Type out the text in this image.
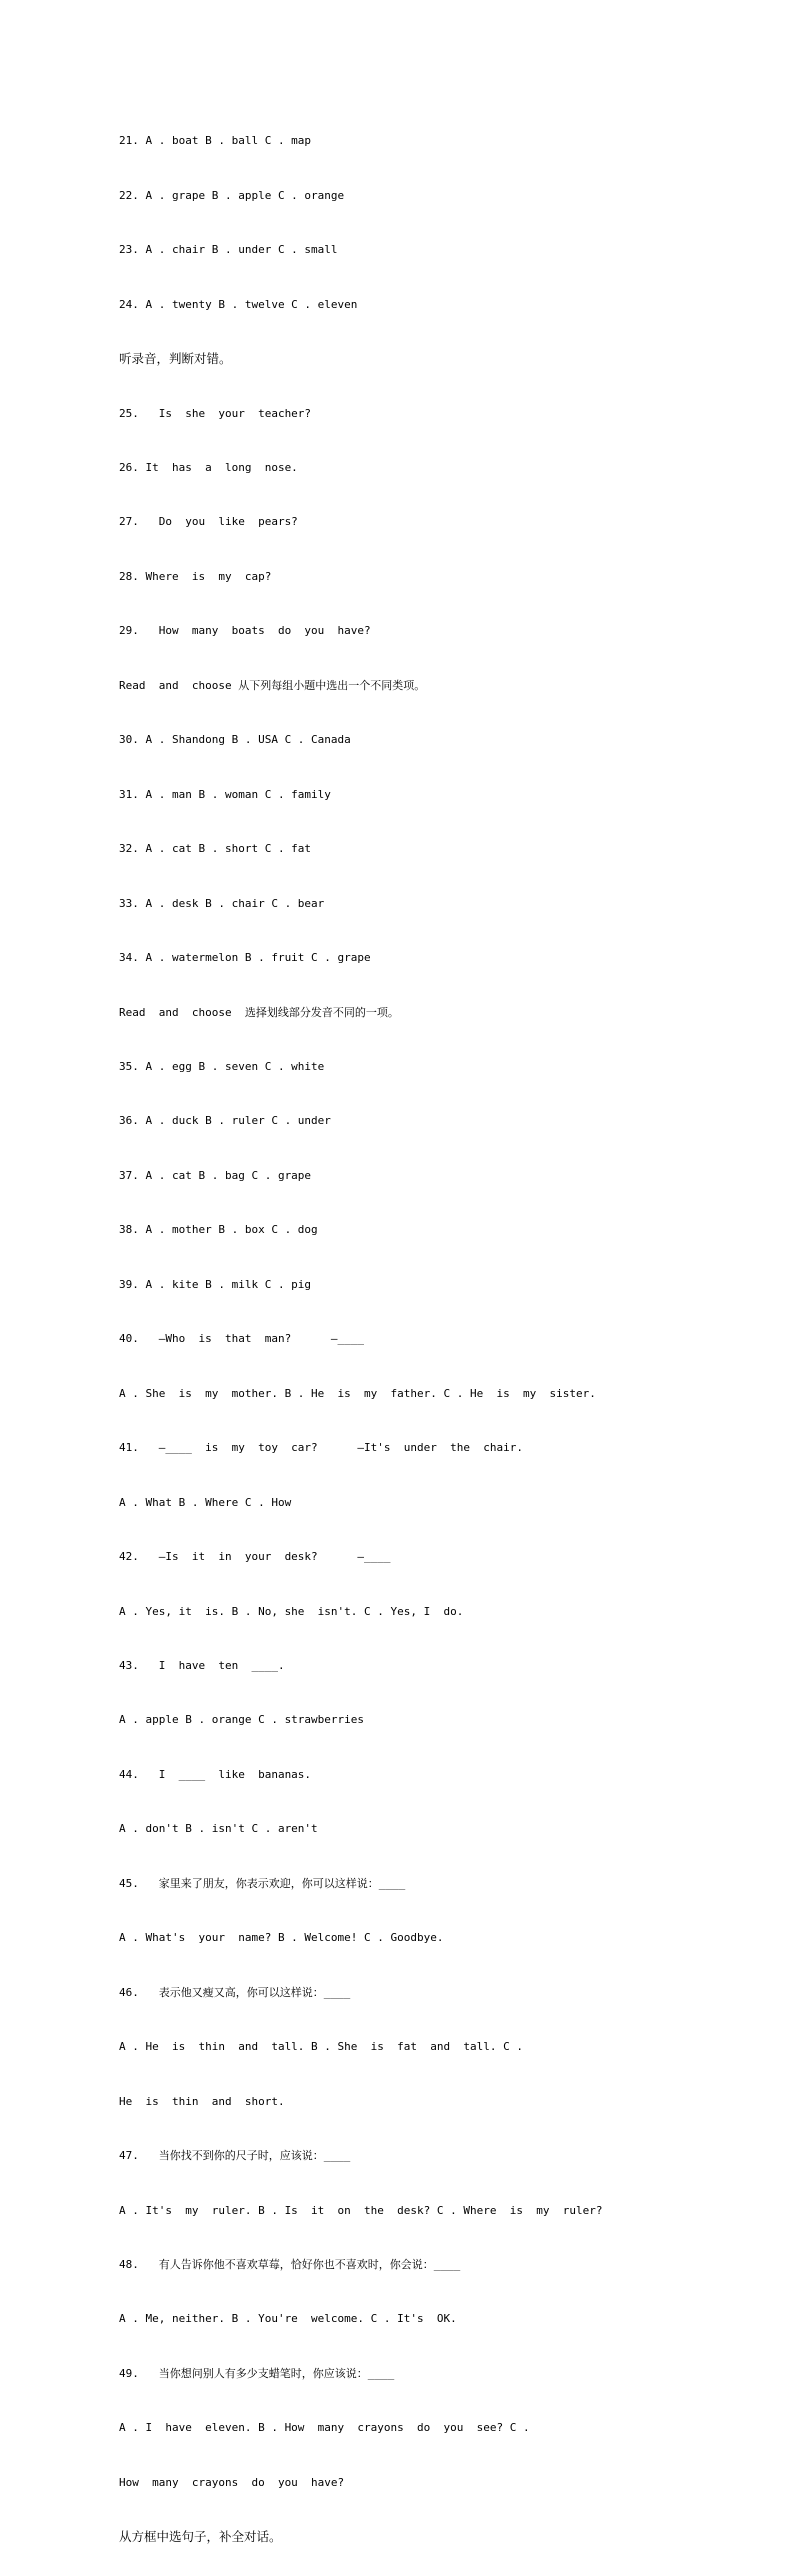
21. A . boat B . ball C . map

22. A . grape B . apple C . orange

23. A . chair B . under C . small

24. A . twenty B . twelve C . eleven

听录音，判断对错。

25.   Is  she  your  teacher?

26. It  has  a  long  nose.

27.   Do  you  like  pears?

28. Where  is  my  cap?

29.   How  many  boats  do  you  have?

Read  and  choose 从下列每组小题中选出一个不同类项。

30. A . Shandong B . USA C . Canada

31. A . man B . woman C . family

32. A . cat B . short C . fat

33. A . desk B . chair C . bear

34. A . watermelon B . fruit C . grape

Read  and  choose  选择划线部分发音不同的一项。

35. A . egg B . seven C . white

36. A . duck B . ruler C . under

37. A . cat B . bag C . grape

38. A . mother B . box C . dog

39. A . kite B . milk C . pig

40.   —Who  is  that  man?      —____

A . She  is  my  mother. B . He  is  my  father. C . He  is  my  sister.

41.   —____  is  my  toy  car?      —It's  under  the  chair.

A . What B . Where C . How

42.   —Is  it  in  your  desk?      —____

A . Yes, it  is. B . No, she  isn't. C . Yes, I  do.

43.   I  have  ten  ____.

A . apple B . orange C . strawberries

44.   I  ____  like  bananas.

A . don't B . isn't C . aren't

45.   家里来了朋友，你表示欢迎，你可以这样说：____

A . What's  your  name? B . Welcome! C . Goodbye.

46.   表示他又瘦又高，你可以这样说：____

A . He  is  thin  and  tall. B . She  is  fat  and  tall. C .

He  is  thin  and  short.

47.   当你找不到你的尺子时，应该说：____

A . It's  my  ruler. B . Is  it  on  the  desk? C . Where  is  my  ruler?

48.   有人告诉你他不喜欢草莓，恰好你也不喜欢时，你会说：____

A . Me, neither. B . You're  welcome. C . It's  OK.

49.   当你想问别人有多少支蜡笔时，你应该说：____

A . I  have  eleven. B . How  many  crayons  do  you  see? C .

How  many  crayons  do  you  have?

从方框中选句子，补全对话。
